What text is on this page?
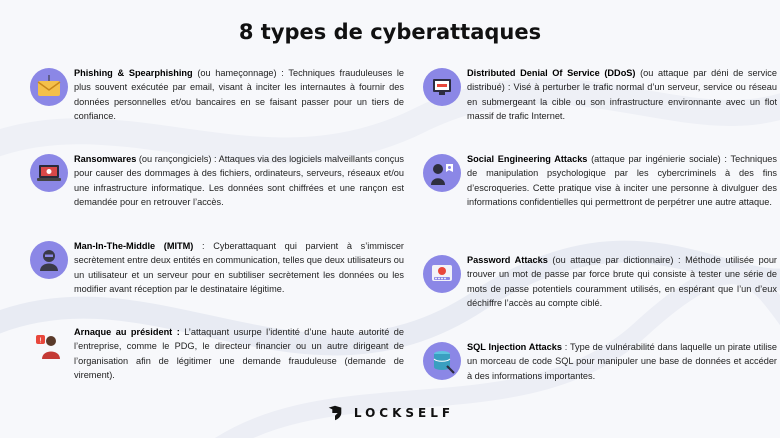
8 types de cyberattaques

Phishing & Spearphishing (ou hameçonnage) : Techniques frauduleuses le plus souvent exécutée par email, visant à inciter les internautes à fournir des données personnelles et/ou bancaires en se faisant passer pour un tiers de confiance.

Ransomwares (ou rançongiciels) : Attaques via des logiciels malveillants conçus pour causer des dommages à des fichiers, ordinateurs, serveurs, réseaux et/ou une infrastructure informatique. Les données sont chiffrées et une rançon est demandée pour en retrouver l’accès.

Man-In-The-Middle (MITM) : Cyberattaquant qui parvient à s’immiscer secrètement entre deux entités en communication, telles que deux utilisateurs ou un utilisateur et un serveur pour en subtiliser secrètement les données ou les modifier avant réception par le destinataire légitime.

!

Arnaque au président : L’attaquant usurpe l’identité d’une haute autorité de l’entreprise, comme le PDG, le directeur financier ou un autre dirigeant de l’organisation afin de légitimer une demande frauduleuse (demande de virement).

Distributed Denial Of Service (DDoS) (ou attaque par déni de service distribué) : Visé à perturber le trafic normal d’un serveur, service ou réseau en submergeant la cible ou son infrastructure environnante avec un flot massif de trafic Internet.

Social Engineering Attacks (attaque par ingénierie sociale) : Techniques de manipulation psychologique par les cybercriminels à des fins d’escroqueries. Cette pratique vise à inciter une personne à divulguer des informations confidentielles qui permettront de perpétrer une autre attaque.

Password Attacks (ou attaque par dictionnaire) : Méthode utilisée pour trouver un mot de passe par force brute qui consiste à tester une série de mots de passe potentiels couramment utilisés, en espérant que l’un d’eux déchiffre l’accès au compte ciblé.

SQL Injection Attacks : Type de vulnérabilité dans laquelle un pirate utilise un morceau de code SQL pour manipuler une base de données et accéder à des informations importantes.

LOCKSELF
